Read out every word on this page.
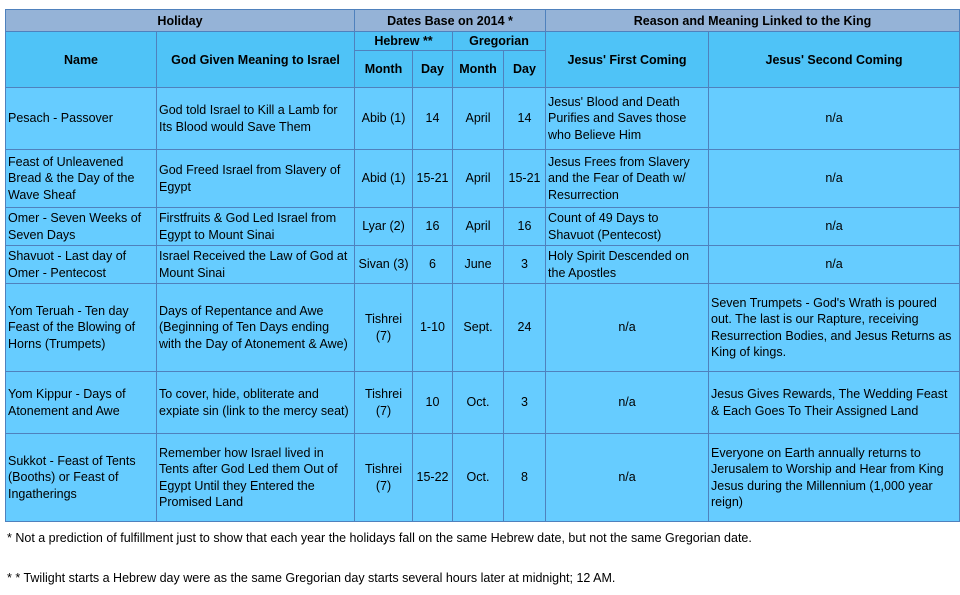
Holiday		Dates Base on 2014 *				Reason and Meaning Linked to the King	
Name	God Given Meaning to Israel	Hebrew **		Gregorian		Jesus' First Coming	Jesus' Second Coming
		Month	Day	Month	Day		
Pesach - Passover	God told Israel to Kill a Lamb for Its Blood would Save Them	Abib (1)	14	April	14	Jesus' Blood and Death Purifies and Saves those who Believe Him	n/a
Feast of Unleavened Bread & the Day of the Wave Sheaf	God Freed Israel from Slavery of Egypt	Abid (1)	15-21	April	15-21	Jesus Frees from Slavery and the Fear of Death w/ Resurrection	n/a
Omer - Seven Weeks of Seven Days	Firstfruits & God Led Israel from Egypt to Mount Sinai	Lyar (2)	16	April	16	Count of 49 Days to Shavuot (Pentecost)	n/a
Shavuot - Last day of Omer - Pentecost	Israel Received the Law of God at Mount Sinai	Sivan (3)	6	June	3	Holy Spirit Descended on the Apostles	n/a
Yom Teruah - Ten day Feast of the Blowing of Horns (Trumpets)	Days of Repentance and Awe (Beginning of Ten Days ending with the Day of Atonement & Awe)	Tishrei (7)	1-10	Sept.	24	n/a	Seven Trumpets - God's Wrath is poured out. The last is our Rapture, receiving Resurrection Bodies, and Jesus Returns as King of kings.
Yom Kippur - Days of Atonement and Awe	To cover, hide, obliterate and expiate sin (link to the mercy seat)	Tishrei (7)	10	Oct.	3	n/a	Jesus Gives Rewards, The Wedding Feast & Each Goes To Their Assigned Land
Sukkot - Feast of Tents (Booths) or Feast of Ingatherings	Remember how Israel lived in Tents after God Led them Out of Egypt Until they Entered the Promised Land	Tishrei (7)	15-22	Oct.	8	n/a	Everyone on Earth annually returns to Jerusalem to Worship and Hear from King Jesus during the Millennium (1,000 year reign)

* Not a prediction of fulfillment just to show that each year the holidays fall on the same Hebrew date, but not the same Gregorian date.

* * Twilight starts a Hebrew day were as the same Gregorian day starts several hours later at midnight; 12 AM.
